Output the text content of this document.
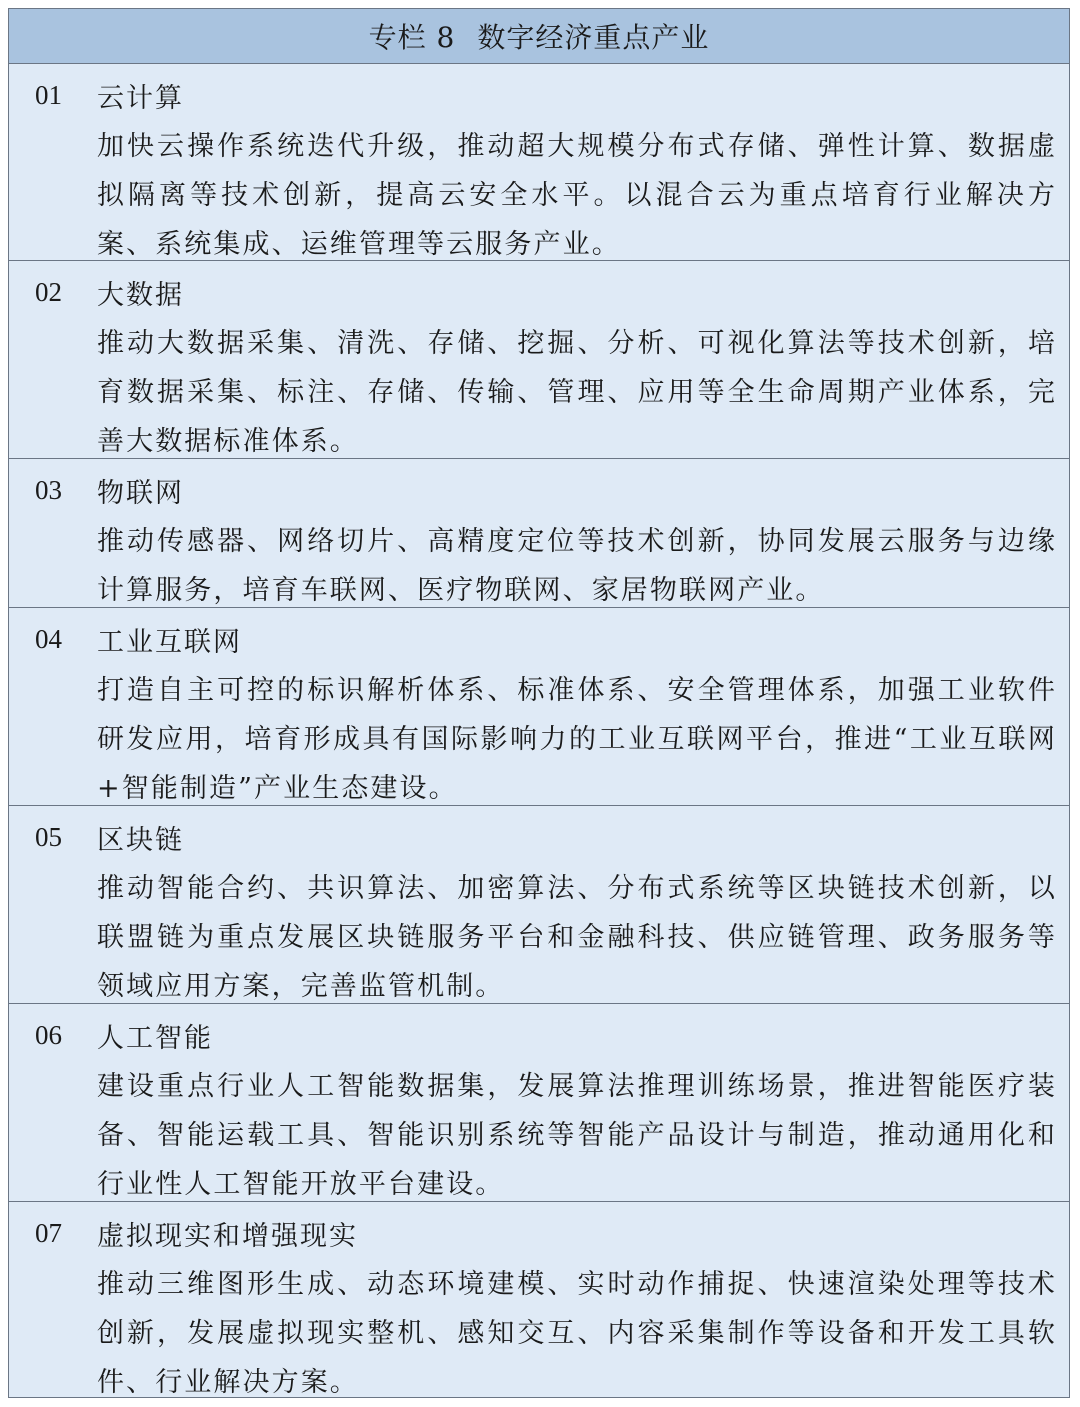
专栏 8 数字经济重点产业
01	云计算
加快云操作系统迭代升级，推动超大规模分布式存储、弹性计算、数据虚拟隔离等技术创新，提高云安全水平。以混合云为重点培育行业解决方案、系统集成、运维管理等云服务产业。
02	大数据
推动大数据采集、清洗、存储、挖掘、分析、可视化算法等技术创新，培育数据采集、标注、存储、传输、管理、应用等全生命周期产业体系，完善大数据标准体系。
03	物联网
推动传感器、网络切片、高精度定位等技术创新，协同发展云服务与边缘计算服务，培育车联网、医疗物联网、家居物联网产业。
04	工业互联网
打造自主可控的标识解析体系、标准体系、安全管理体系，加强工业软件研发应用，培育形成具有国际影响力的工业互联网平台，推进“工业互联网+智能制造”产业生态建设。
05	区块链
推动智能合约、共识算法、加密算法、分布式系统等区块链技术创新，以联盟链为重点发展区块链服务平台和金融科技、供应链管理、政务服务等领域应用方案，完善监管机制。
06	人工智能
建设重点行业人工智能数据集，发展算法推理训练场景，推进智能医疗装备、智能运载工具、智能识别系统等智能产品设计与制造，推动通用化和行业性人工智能开放平台建设。
07	虚拟现实和增强现实
推动三维图形生成、动态环境建模、实时动作捕捉、快速渲染处理等技术创新，发展虚拟现实整机、感知交互、内容采集制作等设备和开发工具软件、行业解决方案。
